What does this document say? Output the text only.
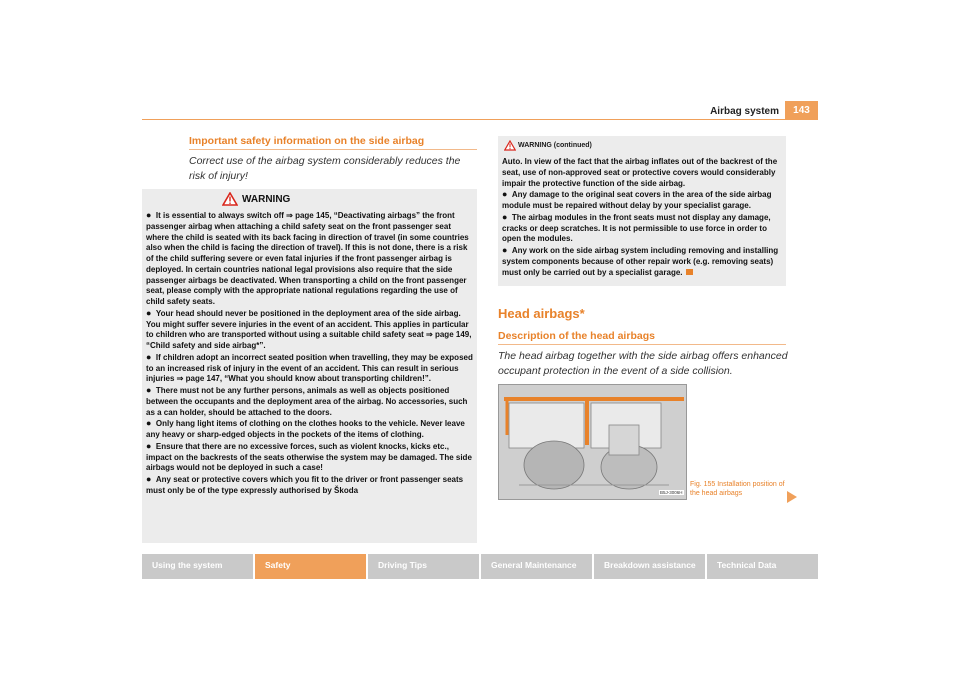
Airbag system	143
Important safety information on the side airbag
Correct use of the airbag system considerably reduces the risk of injury!
WARNING

● It is essential to always switch off ⇒ page 145, “Deactivating airbags” the front passenger airbag when attaching a child safety seat on the front passenger seat where the child is seated with its back facing in direction of travel (in some countries also when the child is facing the direction of travel). If this is not done, there is a risk of the child suffering severe or even fatal injuries if the front passenger airbag is deployed. In certain countries national legal provisions also require that the side passenger airbags be deactivated. When transporting a child on the front passenger seat, please comply with the appropriate national regulations regarding the use of child safety seats.

● Your head should never be positioned in the deployment area of the side airbag. You might suffer severe injuries in the event of an accident. This applies in particular to children who are transported without using a suitable child safety seat ⇒ page 149, “Child safety and side airbag*”.

● If children adopt an incorrect seated position when travelling, they may be exposed to an increased risk of injury in the event of an accident. This can result in serious injuries ⇒ page 147, “What you should know about transporting children!”.

● There must not be any further persons, animals as well as objects positioned between the occupants and the deployment area of the airbag. No accessories, such as a can holder, should be attached to the doors.

● Only hang light items of clothing on the clothes hooks to the vehicle. Never leave any heavy or sharp-edged objects in the pockets of the items of clothing.

● Ensure that there are no excessive forces, such as violent knocks, kicks etc., impact on the backrests of the seats otherwise the system may be damaged. The side airbags would not be deployed in such a case!

● Any seat or protective covers which you fit to the driver or front passenger seats must only be of the type expressly authorised by Škoda

WARNING (continued)

Auto. In view of the fact that the airbag inflates out of the backrest of the seat, use of non-approved seat or protective covers would considerably impair the protective function of the side airbag.

● Any damage to the original seat covers in the area of the side airbag module must be repaired without delay by your specialist garage.

● The airbag modules in the front seats must not display any damage, cracks or deep scratches. It is not permissible to use force in order to open the modules.

● Any work on the side airbag system including removing and installing system components because of other repair work (e.g. removing seats) must only be carried out by a specialist garage.

Head airbags*
Description of the head airbags
The head airbag together with the side airbag offers enhanced occupant protection in the event of a side collision.
B5J-3006H
Fig. 155 Installation position of the head airbags
Using the system	Safety	Driving Tips	General Maintenance	Breakdown assistance	Technical Data
